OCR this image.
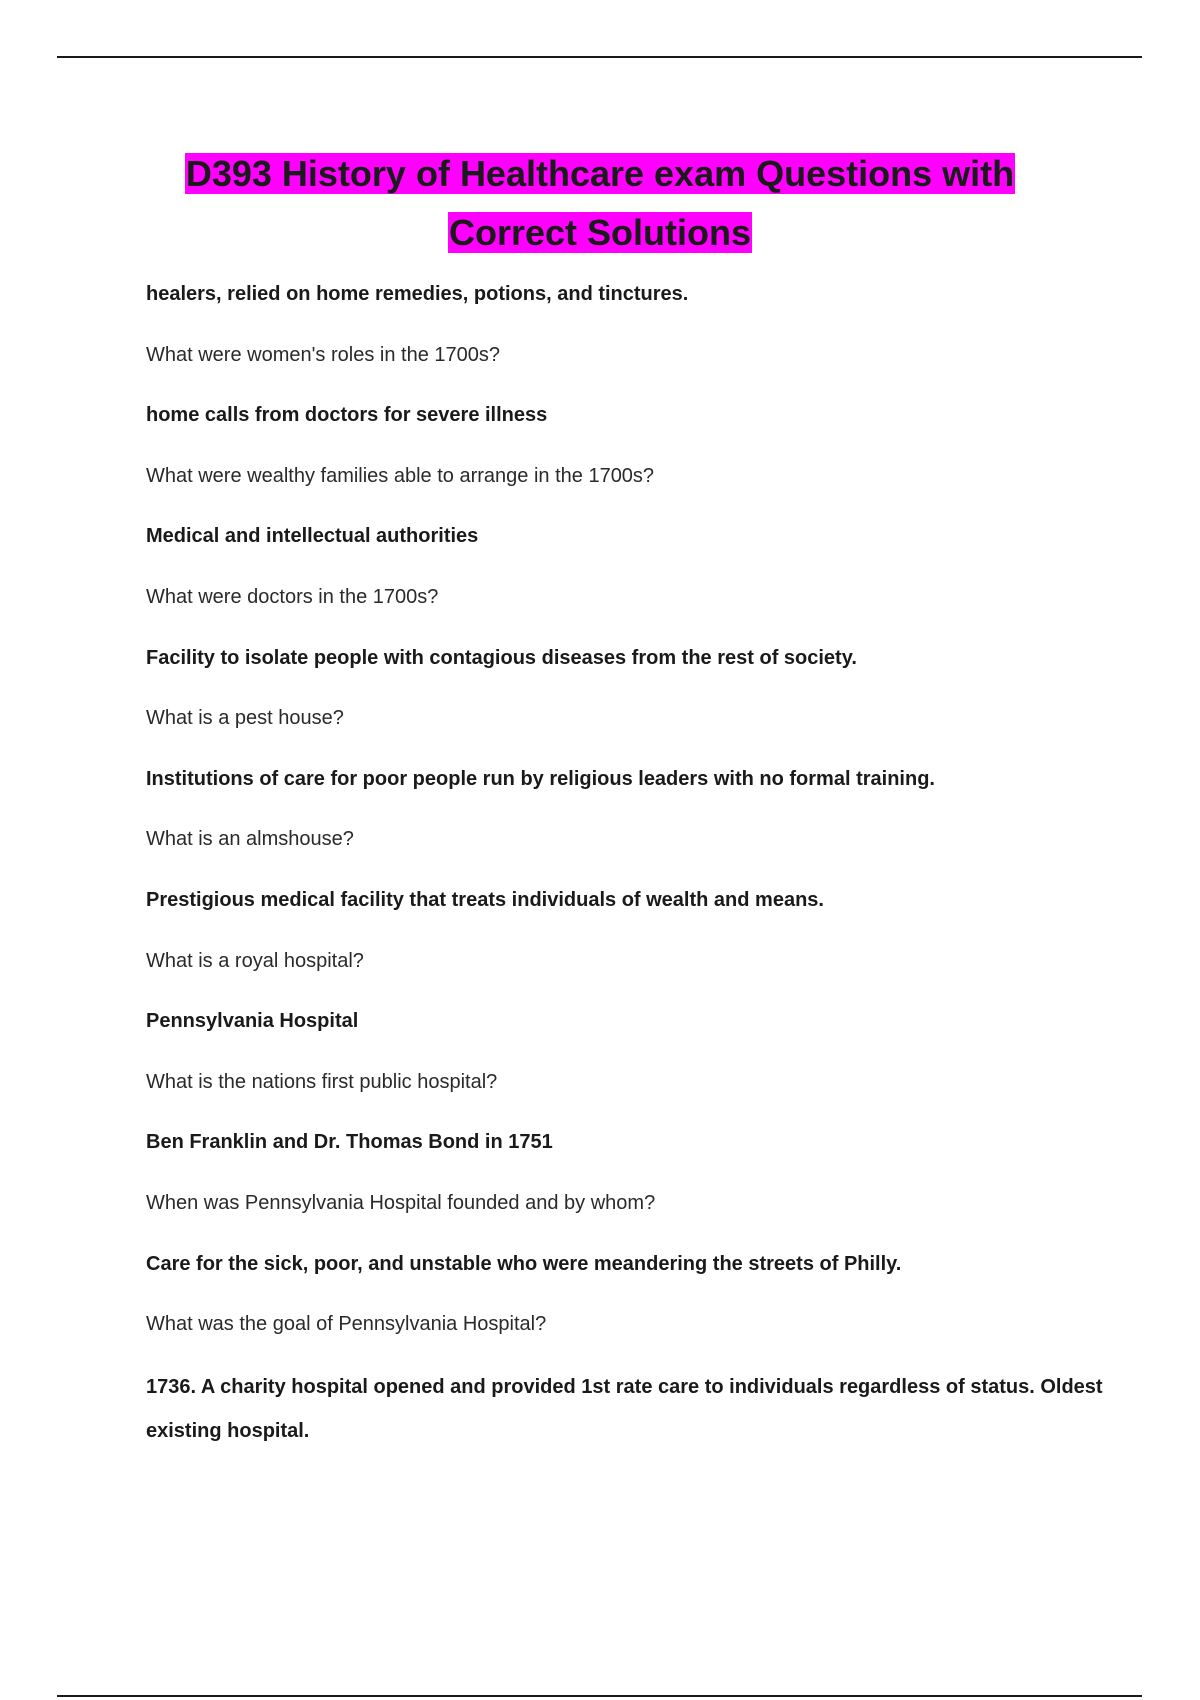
D393 History of Healthcare exam Questions with Correct Solutions
healers, relied on home remedies, potions, and tinctures.
What were women's roles in the 1700s?
home calls from doctors for severe illness
What were wealthy families able to arrange in the 1700s?
Medical and intellectual authorities
What were doctors in the 1700s?
Facility to isolate people with contagious diseases from the rest of society.
What is a pest house?
Institutions of care for poor people run by religious leaders with no formal training.
What is an almshouse?
Prestigious medical facility that treats individuals of wealth and means.
What is a royal hospital?
Pennsylvania Hospital
What is the nations first public hospital?
Ben Franklin and Dr. Thomas Bond in 1751
When was Pennsylvania Hospital founded and by whom?
Care for the sick, poor, and unstable who were meandering the streets of Philly.
What was the goal of Pennsylvania Hospital?
1736. A charity hospital opened and provided 1st rate care to individuals regardless of status. Oldest existing hospital.
